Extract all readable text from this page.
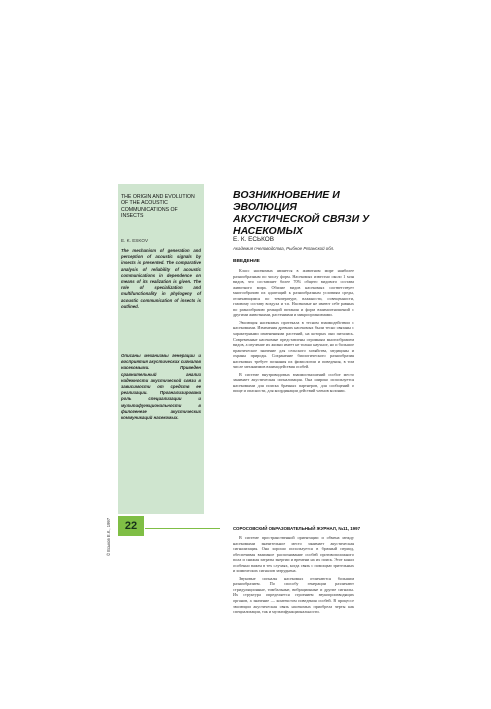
THE ORIGIN AND EVOLUTION OF THE ACOUSTIC COMMUNICATIONS OF INSECTS
E. K. ESKOV
The mechanism of generation and perception of acoustic signals by insects is presented. The comparative analysis of reliability of acoustic communications in dependence on means of its realization is given. The role of specialization and multifunctionality in phylogeny of acoustic communication of insects is outlined.
Описаны механизмы генерации и восприятия акустических сигналов насекомыми. Приведен сравнительный анализ надежности акустической связи в зависимости от средств ее реализации. Проанализирована роль специализации и мультифункциональности в филогенезе акустических коммуникаций насекомых.
© Еськов Е.К., 1997	22
ВОЗНИКНОВЕНИЕ И ЭВОЛЮЦИЯ АКУСТИЧЕСКОЙ СВЯЗИ У НАСЕКОМЫХ
Е. К. ЕСЬКОВ
Академия пчеловодства, Рыбное Рязанской обл.
ВВЕДЕНИЕ

Класс насекомых является в животном мире наиболее разнообразным по числу форм. Насекомых известно около 1 млн видов, что составляет более 70% общего видового состава животного мира. Обилие видов насекомых соответствует многообразию их адаптаций к разнообразным условиям среды, отличающимся по температуре, влажности, освещенности, газовому составу воздуха и т.п. Насекомые не имеют себе равных по разнообразию реакций питания и форм взаимоотношений с другими животными, растениями и микроорганизмами.

Эволюция насекомых протекала в тесном взаимодействии с насекомыми. Изменения древних насекомых были тесно связаны с характерными изменениями растений, на которых они питались. Современные насекомые представлены огромным многообразием видов, а изучение их жизни имеет не только научное, но и большое практическое значение для сельского хозяйства, медицины и охраны природы. Сохранение биологического разнообразия насекомых требует познания их физиологии и поведения, в том числе механизмов взаимодействия особей.

В системе внутривидовых взаимоотношений особое место занимает акустическая сигнализация. Она широко используется насекомыми для поиска брачных партнеров, для сообщений о пище и опасности, для координации действий членов колонии.

СОРОСОВСКИЙ ОБРАЗОВАТЕЛЬНЫЙ ЖУРНАЛ, №11, 1997

В системе пространственной ориентации и обмена между насекомыми значительное место занимает акустическая сигнализация. Она хорошо используется в брачный период, обеспечивая взаимное распознавание особей противоположного пола и снижая затраты энергии и времени на их поиск. Этот канал особенно важен в тех случаях, когда связь с помощью зрительных и химических сигналов затруднена.

Звуковые сигналы насекомых отличаются большим разнообразием. По способу генерации различают стридуляционные, тимбальные, вибрационные и другие сигналы. Их структура определяется строением звукопроизводящих органов, а значение — контекстом поведения особей. В процессе эволюции акустическая связь насекомых приобрела черты как специализации, так и мультифункциональности.
